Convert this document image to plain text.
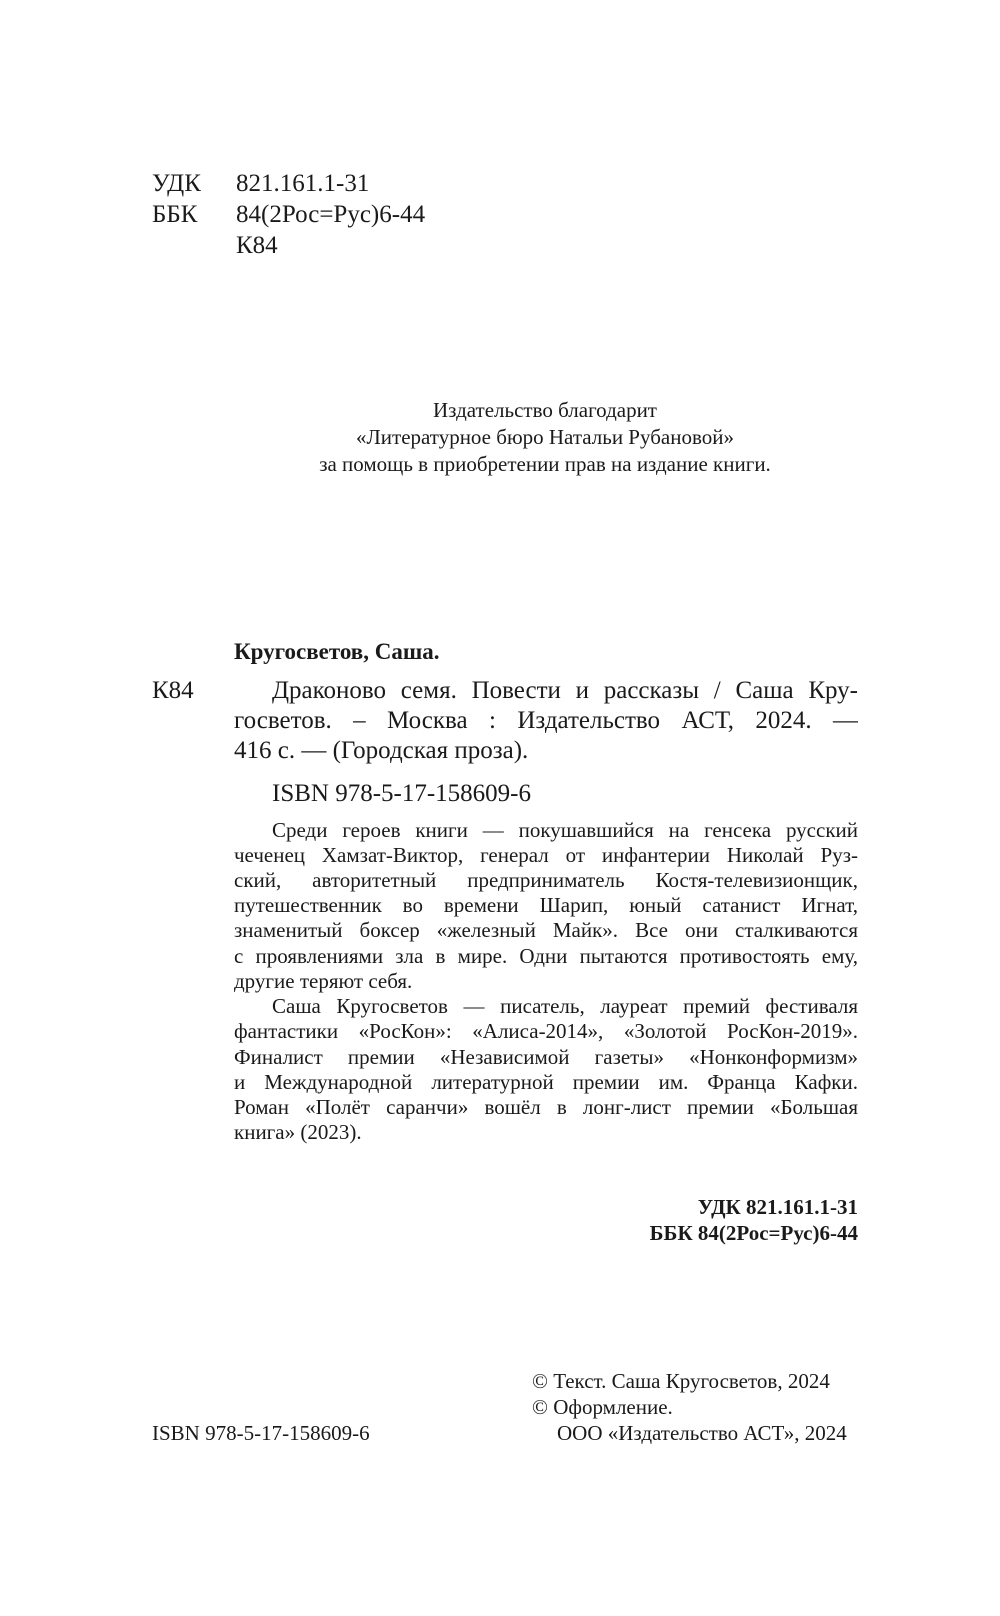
УДК 821.161.1-31
ББК 84(2Рос=Рус)6-44
К84
Издательство благодарит
«Литературное бюро Натальи Рубановой»
за помощь в приобретении прав на издание книги.
Кругосветов, Саша.
К84	Драконово семя. Повести и рассказы / Саша Кру-
госветов. – Москва : Издательство АСТ, 2024. —
416 с. — (Городская проза).
ISBN 978-5-17-158609-6
Среди героев книги — покушавшийся на генсека русский
чеченец Хамзат-Виктор, генерал от инфантерии Николай Руз-
ский, авторитетный предприниматель Костя-телевизионщик,
путешественник во времени Шарип, юный сатанист Игнат,
знаменитый боксер «железный Майк». Все они сталкиваются
с проявлениями зла в мире. Одни пытаются противостоять ему,
другие теряют себя.
Саша Кругосветов — писатель, лауреат премий фестиваля
фантастики «РосКон»: «Алиса-2014», «Золотой РосКон-2019».
Финалист премии «Независимой газеты» «Нонконформизм»
и Международной литературной премии им. Франца Кафки.
Роман «Полёт саранчи» вошёл в лонг-лист премии «Большая
книга» (2023).
УДК 821.161.1-31
ББК 84(2Рос=Рус)6-44
ISBN 978-5-17-158609-6
© Текст. Саша Кругосветов, 2024
© Оформление.
ООО «Издательство АСТ», 2024
